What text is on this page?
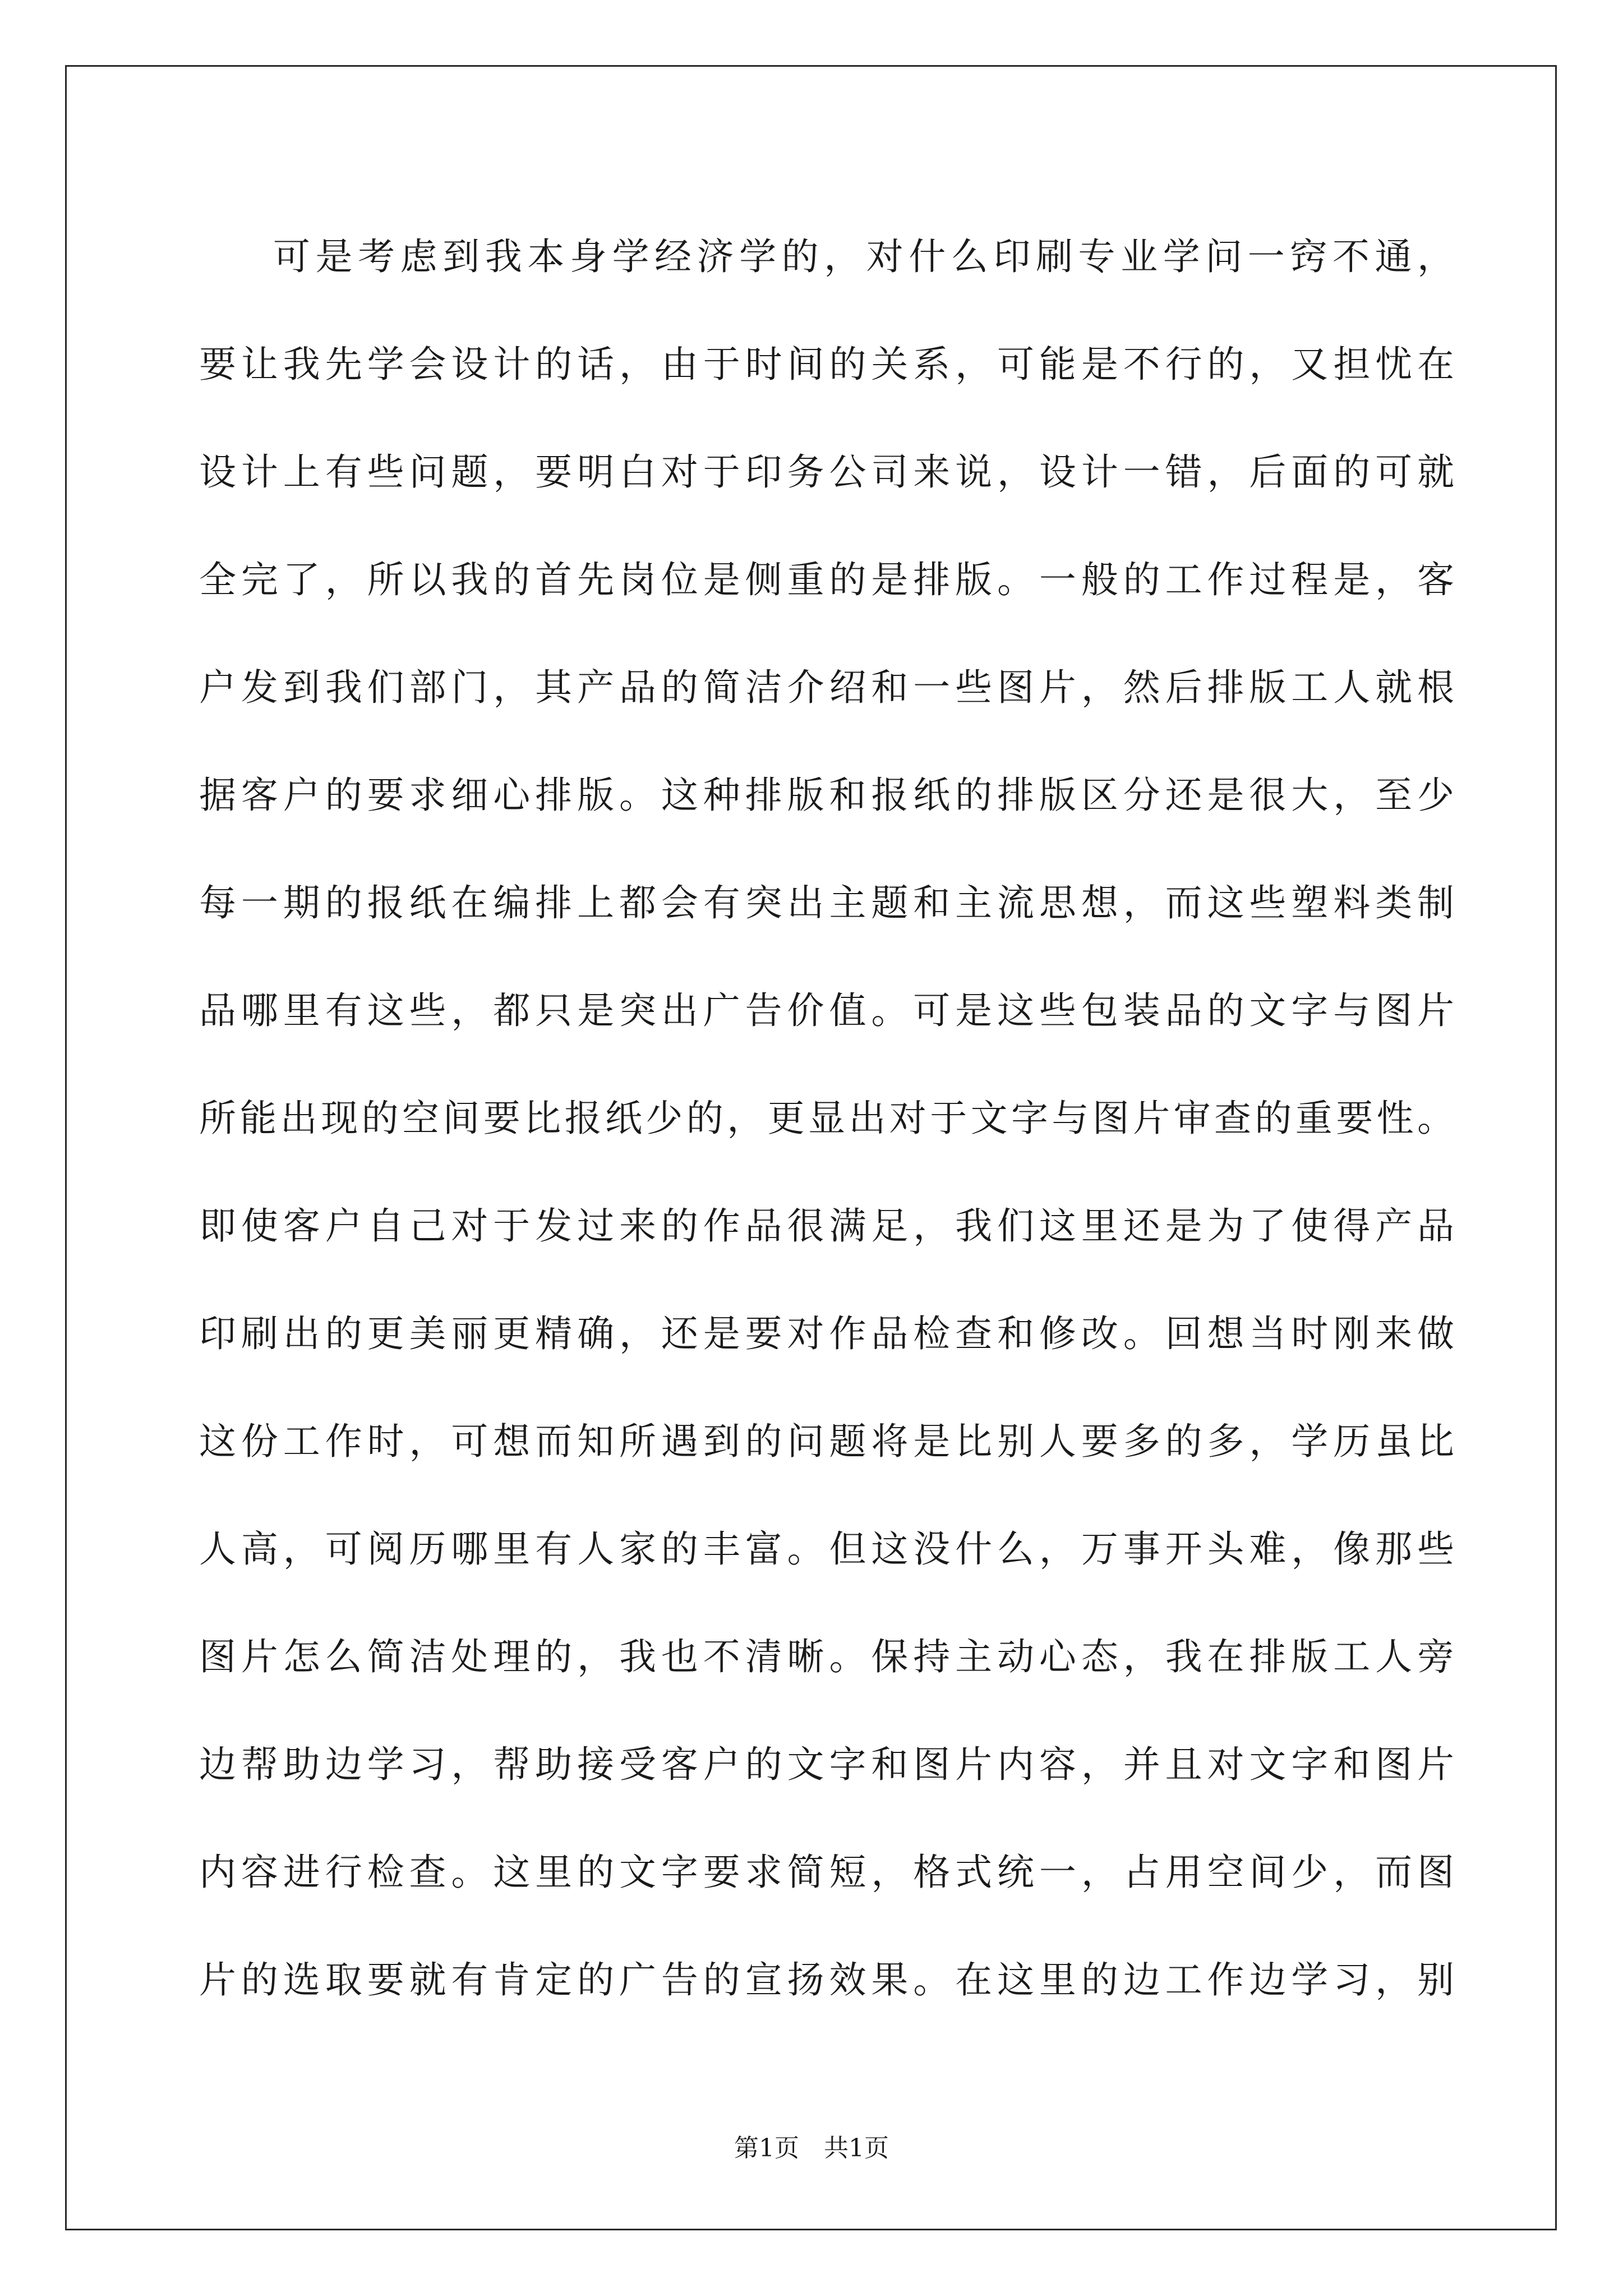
可是考虑到我本身学经济学的，对什么印刷专业学问一窍不通，
要让我先学会设计的话，由于时间的关系，可能是不行的，又担忧在
设计上有些问题，要明白对于印务公司来说，设计一错，后面的可就
全完了，所以我的首先岗位是侧重的是排版。一般的工作过程是，客
户发到我们部门，其产品的简洁介绍和一些图片，然后排版工人就根
据客户的要求细心排版。这种排版和报纸的排版区分还是很大，至少
每一期的报纸在编排上都会有突出主题和主流思想，而这些塑料类制
品哪里有这些，都只是突出广告价值。可是这些包装品的文字与图片
所能出现的空间要比报纸少的，更显出对于文字与图片审查的重要性。
即使客户自己对于发过来的作品很满足，我们这里还是为了使得产品
印刷出的更美丽更精确，还是要对作品检查和修改。回想当时刚来做
这份工作时，可想而知所遇到的问题将是比别人要多的多，学历虽比
人高，可阅历哪里有人家的丰富。但这没什么，万事开头难，像那些
图片怎么简洁处理的，我也不清晰。保持主动心态，我在排版工人旁
边帮助边学习，帮助接受客户的文字和图片内容，并且对文字和图片
内容进行检查。这里的文字要求简短，格式统一，占用空间少，而图
片的选取要就有肯定的广告的宣扬效果。在这里的边工作边学习，别
第1页　共1页
